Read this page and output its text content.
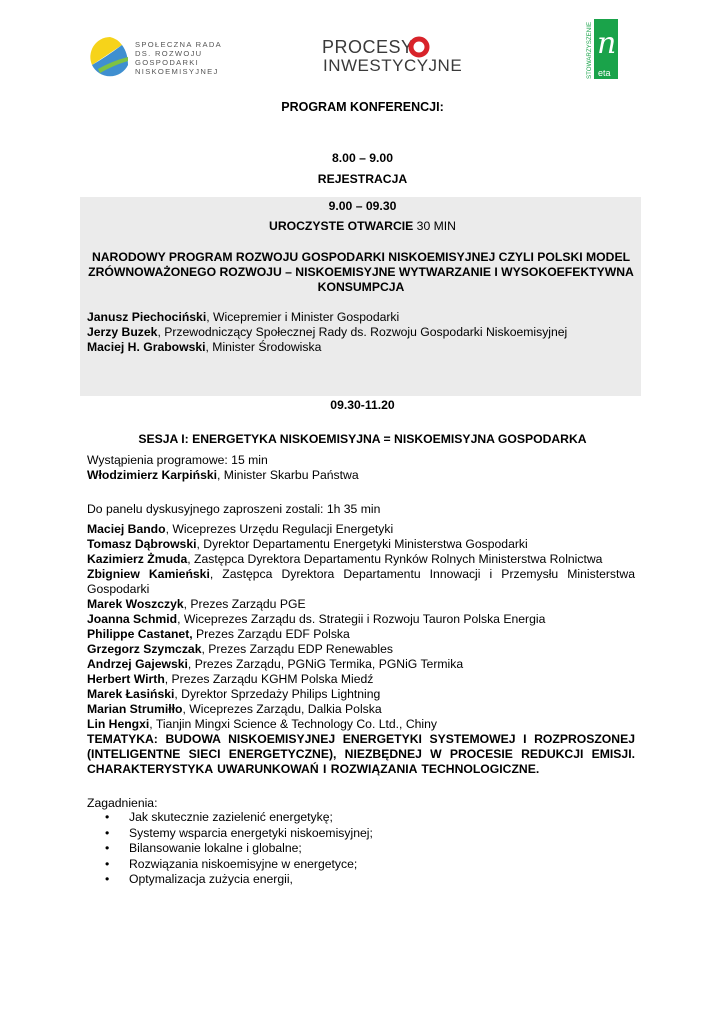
SPOŁECZNA RADA
DS. ROZWOJU
GOSPODARKI
NISKOEMISYJNEJ
PROCESY
INWESTYCYJNE	STOWARZYSZENIE n
eta
PROGRAM KONFERENCJI:
8.00 – 9.00
REJESTRACJA
9.00 – 09.30
UROCZYSTE OTWARCIE 30 MIN
NARODOWY PROGRAM ROZWOJU GOSPODARKI NISKOEMISYJNEJ CZYLI POLSKI MODEL ZRÓWNOWAŻONEGO ROZWOJU – NISKOEMISYJNE WYTWARZANIE I WYSOKOEFEKTYWNA KONSUMPCJA
Janusz Piechociński, Wicepremier i Minister Gospodarki
Jerzy Buzek, Przewodniczący Społecznej Rady ds. Rozwoju Gospodarki Niskoemisyjnej
Maciej H. Grabowski, Minister Środowiska
09.30-11.20
SESJA I: ENERGETYKA NISKOEMISYJNA = NISKOEMISYJNA GOSPODARKA
Wystąpienia programowe: 15 min
Włodzimierz Karpiński, Minister Skarbu Państwa
Do panelu dyskusyjnego zaproszeni zostali: 1h 35 min
Maciej Bando, Wiceprezes Urzędu Regulacji Energetyki
Tomasz Dąbrowski, Dyrektor Departamentu Energetyki Ministerstwa Gospodarki
Kazimierz Żmuda, Zastępca Dyrektora Departamentu Rynków Rolnych Ministerstwa Rolnictwa
Zbigniew Kamieński, Zastępca Dyrektora Departamentu Innowacji i Przemysłu Ministerstwa Gospodarki
Marek Woszczyk, Prezes Zarządu PGE
Joanna Schmid, Wiceprezes Zarządu ds. Strategii i Rozwoju Tauron Polska Energia
Philippe Castanet, Prezes Zarządu EDF Polska
Grzegorz Szymczak, Prezes Zarządu EDP Renewables
Andrzej Gajewski, Prezes Zarządu, PGNiG Termika, PGNiG Termika
Herbert Wirth, Prezes Zarządu KGHM Polska Miedź
Marek Łasiński, Dyrektor Sprzedaży Philips Lightning
Marian Strumiłło, Wiceprezes Zarządu, Dalkia Polska
Lin Hengxi, Tianjin Mingxi Science & Technology Co. Ltd., Chiny
TEMATYKA: BUDOWA NISKOEMISYJNEJ ENERGETYKI SYSTEMOWEJ I ROZPROSZONEJ (INTELIGENTNE SIECI ENERGETYCZNE), NIEZBĘDNEJ W PROCESIE REDUKCJI EMISJI. CHARAKTERYSTYKA UWARUNKOWAŃ I ROZWIĄZANIA TECHNOLOGICZNE.
Zagadnienia:
• Jak skutecznie zazielenić energetykę;
• Systemy wsparcia energetyki niskoemisyjnej;
• Bilansowanie lokalne i globalne;
• Rozwiązania niskoemisyjne w energetyce;
• Optymalizacja zużycia energii,
